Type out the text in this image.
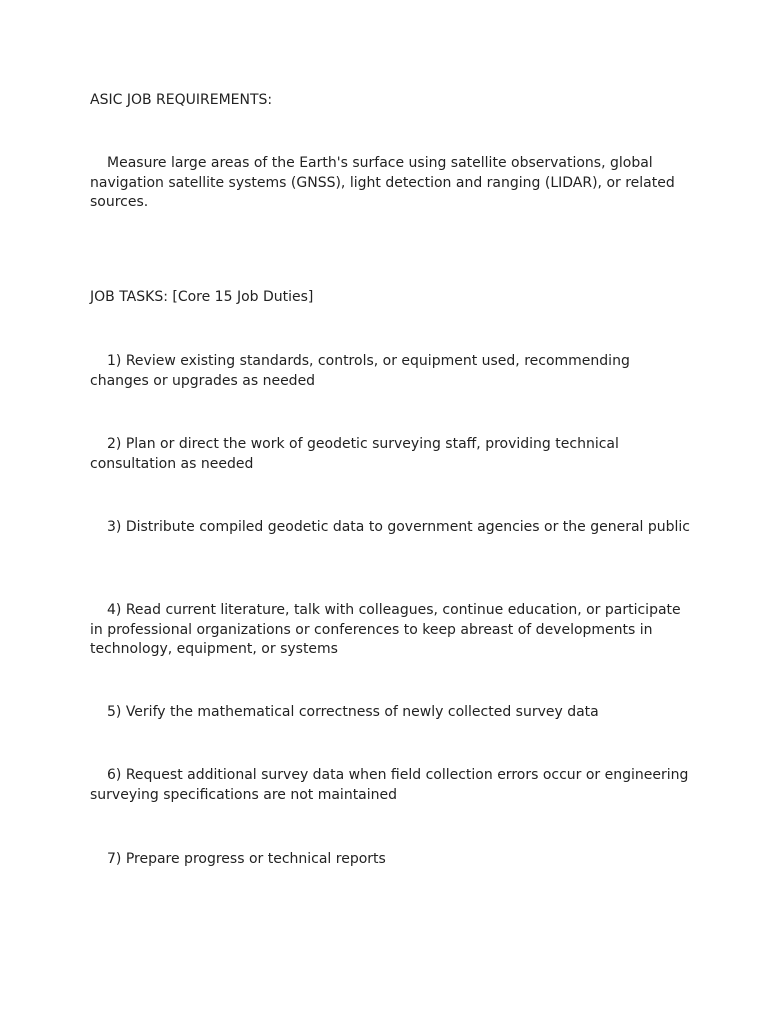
ASIC JOB REQUIREMENTS:

Measure large areas of the Earth's surface using satellite observations, global navigation satellite systems (GNSS), light detection and ranging (LIDAR), or related sources.

JOB TASKS: [Core 15 Job Duties]

1) Review existing standards, controls, or equipment used, recommending changes or upgrades as needed

2) Plan or direct the work of geodetic surveying staff, providing technical consultation as needed

3) Distribute compiled geodetic data to government agencies or the general public

4) Read current literature, talk with colleagues, continue education, or participate in professional organizations or conferences to keep abreast of developments in technology, equipment, or systems

5) Verify the mathematical correctness of newly collected survey data

6) Request additional survey data when field collection errors occur or engineering surveying specifications are not maintained

7) Prepare progress or technical reports
